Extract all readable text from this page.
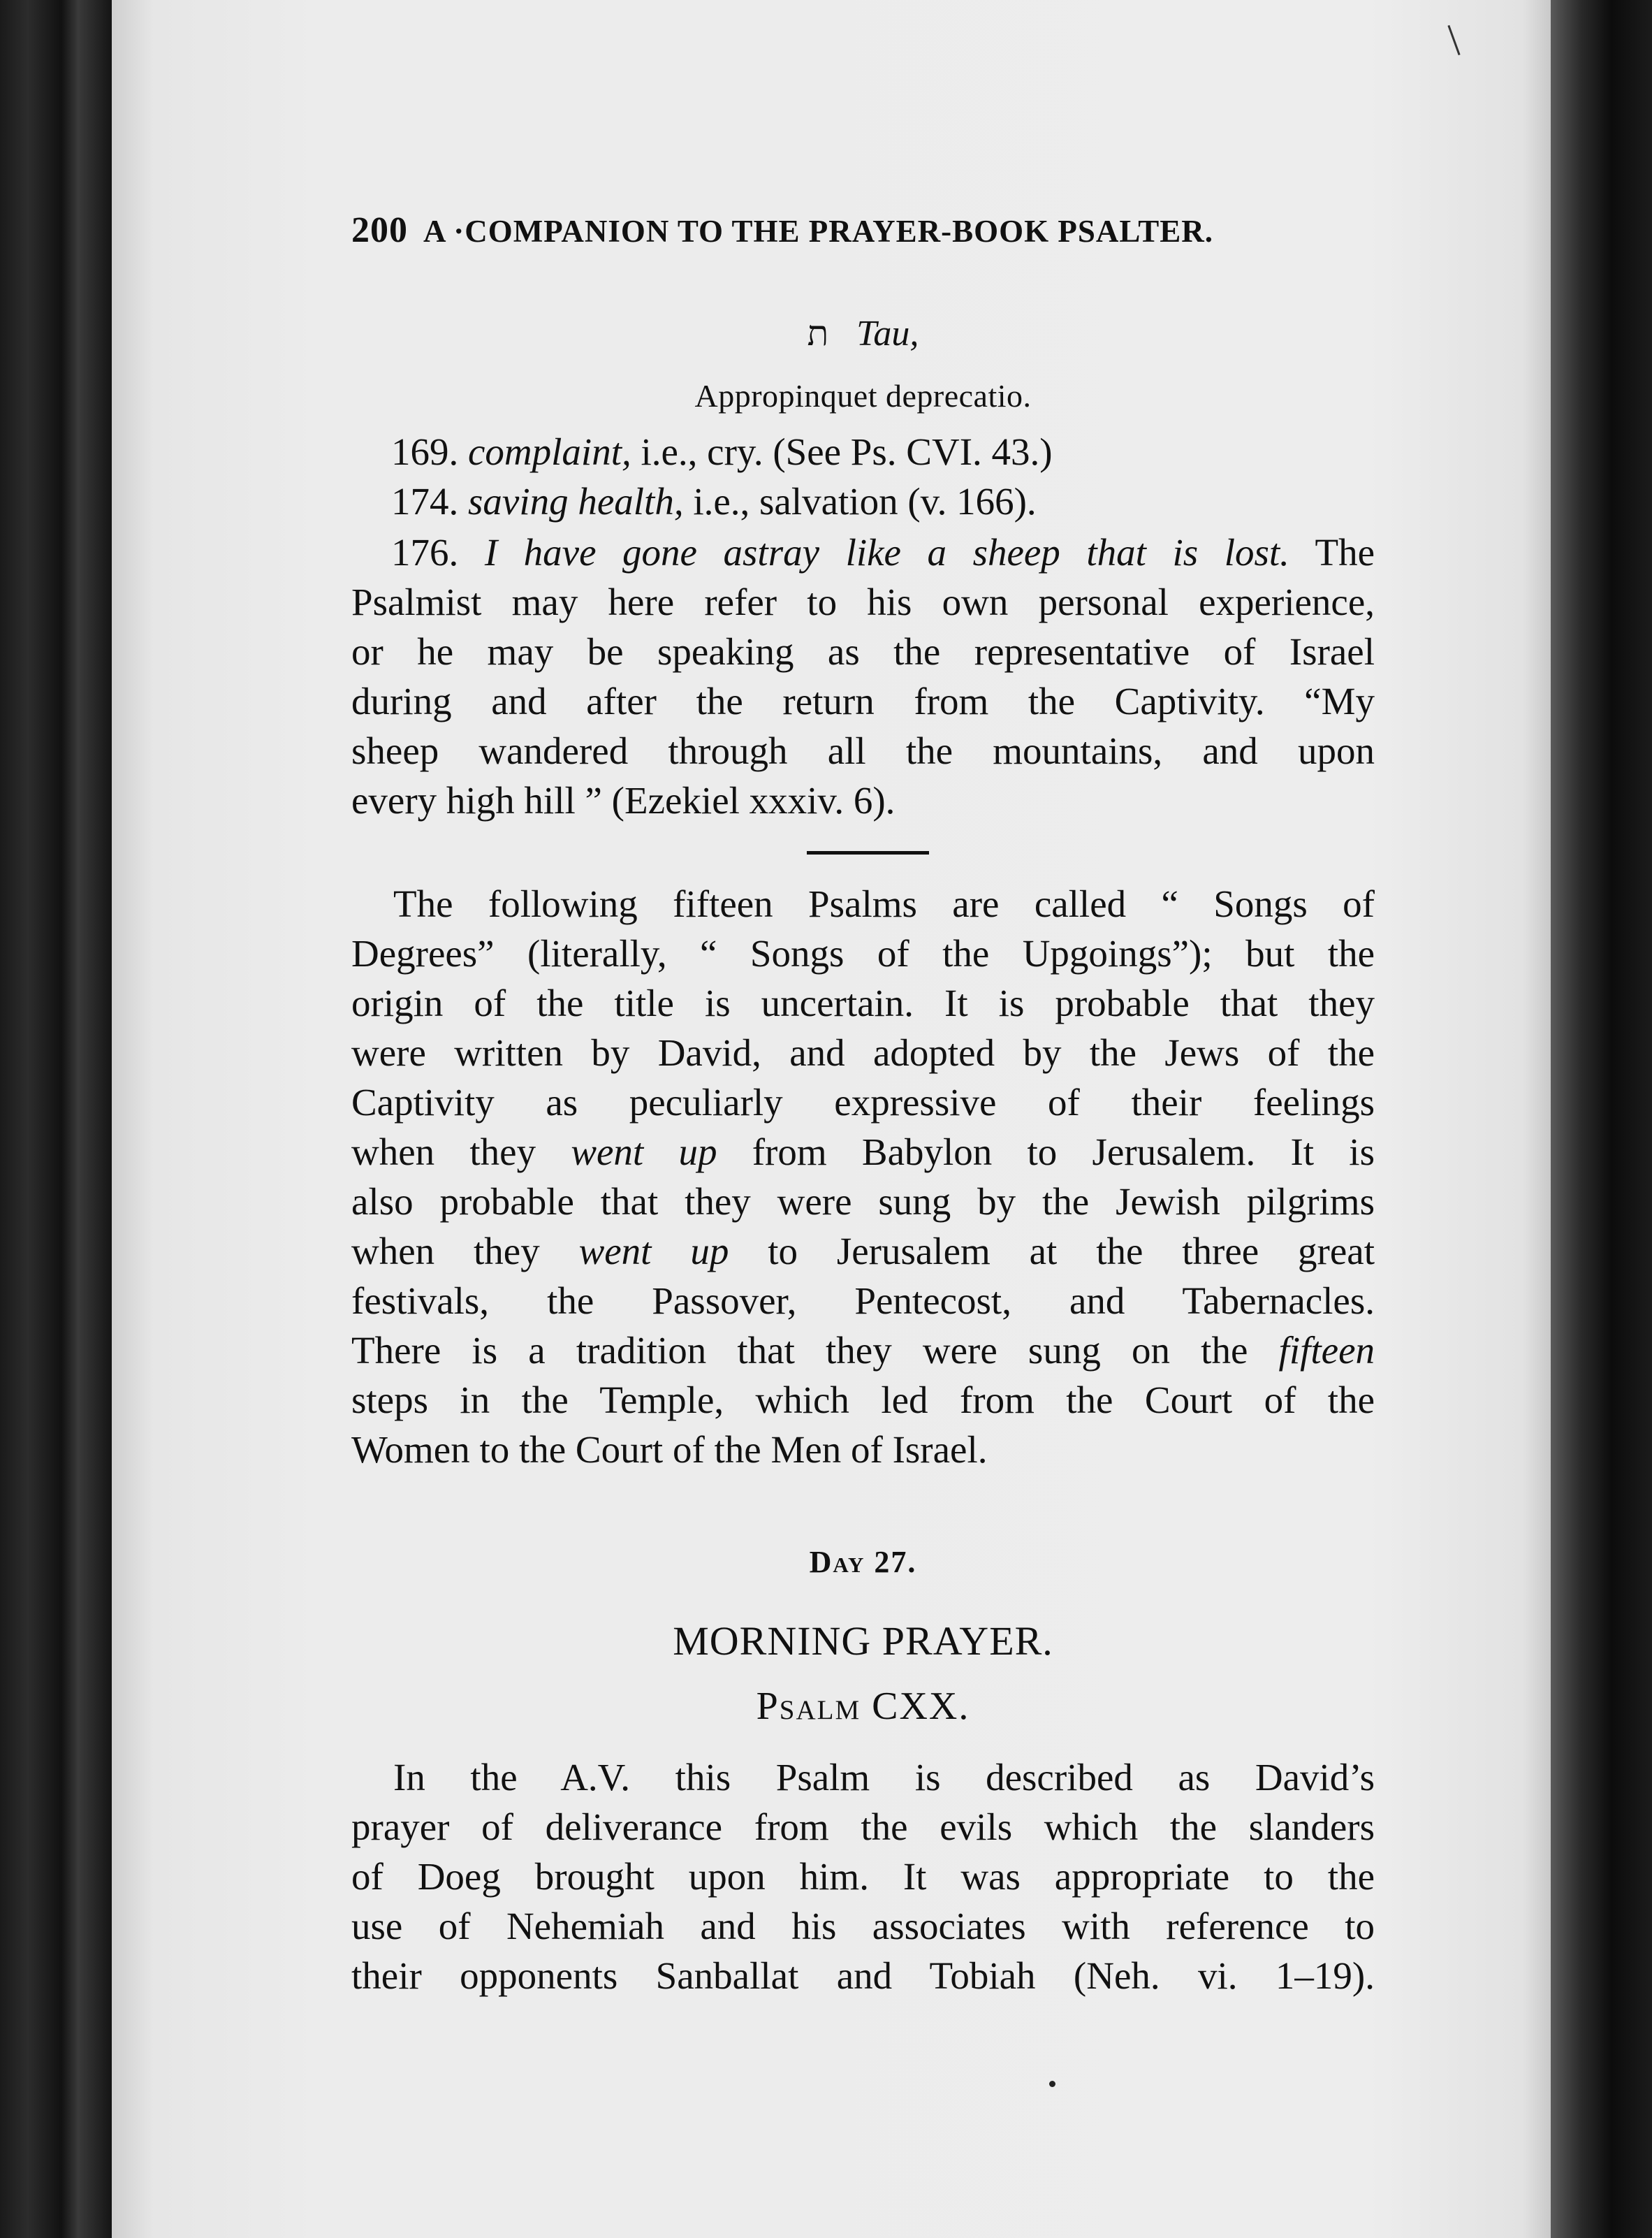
200 A ·COMPANION TO THE PRAYER-BOOK PSALTER.
ת Tau,
Appropinquet deprecatio.
169. complaint, i.e., cry. (See Ps. CVI. 43.)
174. saving health, i.e., salvation (v. 166).
176. I have gone astray like a sheep that is lost. The
Psalmist may here refer to his own personal experience,
or he may be speaking as the representative of Israel
during and after the return from the Captivity. “My
sheep wandered through all the mountains, and upon
every high hill ” (Ezekiel xxxiv. 6).
The following fifteen Psalms are called “ Songs of
Degrees” (literally, “ Songs of the Upgoings”); but the
origin of the title is uncertain. It is probable that they
were written by David, and adopted by the Jews of the
Captivity as peculiarly expressive of their feelings
when they went up from Babylon to Jerusalem. It is
also probable that they were sung by the Jewish pilgrims
when they went up to Jerusalem at the three great
festivals, the Passover, Pentecost, and Tabernacles.
There is a tradition that they were sung on the fifteen
steps in the Temple, which led from the Court of the
Women to the Court of the Men of Israel.
Day 27.
MORNING PRAYER.
Psalm CXX.
In the A.V. this Psalm is described as David’s
prayer of deliverance from the evils which the slanders
of Doeg brought upon him. It was appropriate to the
use of Nehemiah and his associates with reference to
their opponents Sanballat and Tobiah (Neh. vi. 1–19).
